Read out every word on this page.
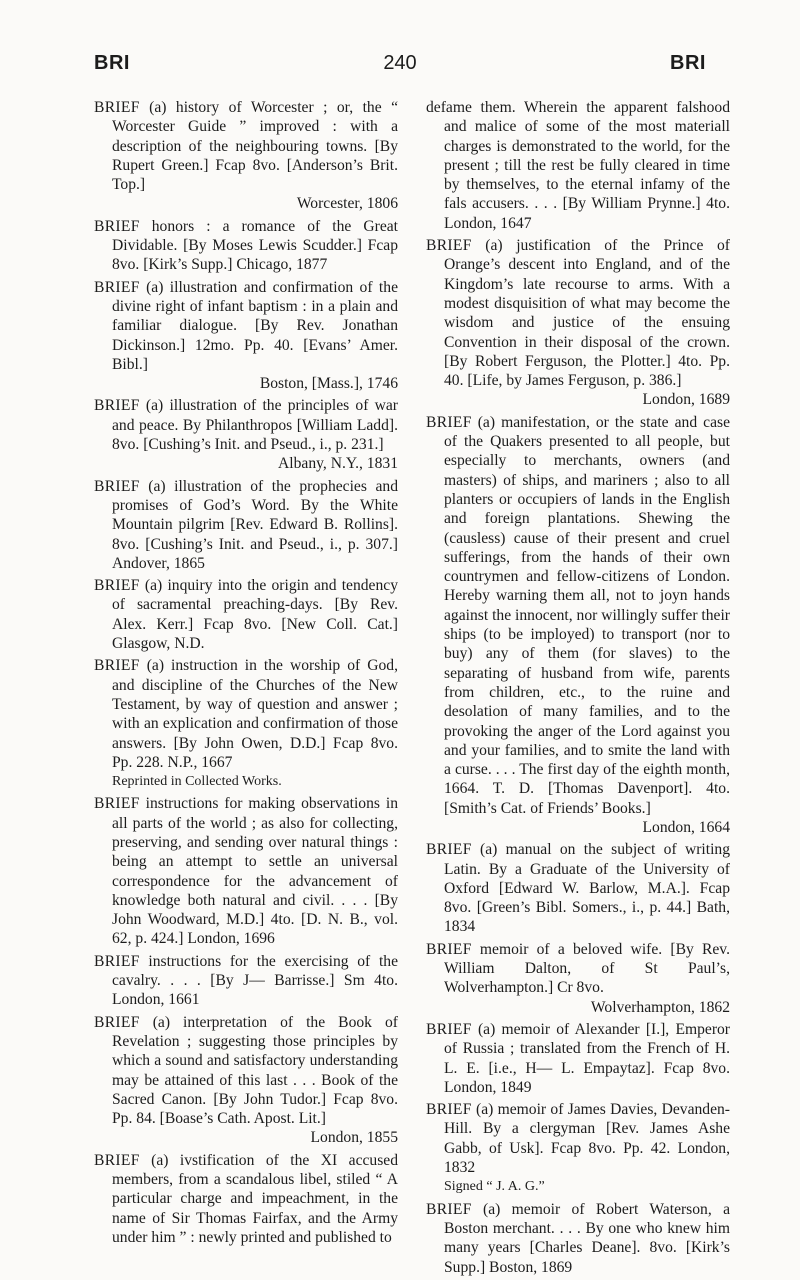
BRI	240	BRI
BRIEF (a) history of Worcester ; or, the “ Worcester Guide ” improved : with a description of the neighbouring towns. [By Rupert Green.] Fcap 8vo. [Anderson’s Brit. Top.]
Worcester, 1806
BRIEF honors : a romance of the Great Dividable. [By Moses Lewis Scudder.] Fcap 8vo. [Kirk’s Supp.] Chicago, 1877
BRIEF (a) illustration and confirmation of the divine right of infant baptism : in a plain and familiar dialogue. [By Rev. Jonathan Dickinson.] 12mo. Pp. 40. [Evans’ Amer. Bibl.]
Boston, [Mass.], 1746
BRIEF (a) illustration of the principles of war and peace. By Philanthropos [William Ladd]. 8vo. [Cushing’s Init. and Pseud., i., p. 231.]
Albany, N.Y., 1831
BRIEF (a) illustration of the prophecies and promises of God’s Word. By the White Mountain pilgrim [Rev. Edward B. Rollins]. 8vo. [Cushing’s Init. and Pseud., i., p. 307.] Andover, 1865
BRIEF (a) inquiry into the origin and tendency of sacramental preaching-days. [By Rev. Alex. Kerr.] Fcap 8vo. [New Coll. Cat.] Glasgow, N.D.
BRIEF (a) instruction in the worship of God, and discipline of the Churches of the New Testament, by way of question and answer ; with an explication and confirmation of those answers. [By John Owen, D.D.] Fcap 8vo. Pp. 228. N.P., 1667
Reprinted in Collected Works.
BRIEF instructions for making observations in all parts of the world ; as also for collecting, preserving, and sending over natural things : being an attempt to settle an universal correspondence for the advancement of knowledge both natural and civil. . . . [By John Woodward, M.D.] 4to. [D. N. B., vol. 62, p. 424.] London, 1696
BRIEF instructions for the exercising of the cavalry. . . . [By J— Barrisse.] Sm 4to. London, 1661
BRIEF (a) interpretation of the Book of Revelation ; suggesting those principles by which a sound and satisfactory understanding may be attained of this last . . . Book of the Sacred Canon. [By John Tudor.] Fcap 8vo. Pp. 84. [Boase’s Cath. Apost. Lit.]
London, 1855
BRIEF (a) ivstification of the XI accused members, from a scandalous libel, stiled “ A particular charge and impeachment, in the name of Sir Thomas Fairfax, and the Army under him ” : newly printed and published to
defame them. Wherein the apparent falshood and malice of some of the most materiall charges is demonstrated to the world, for the present ; till the rest be fully cleared in time by themselves, to the eternal infamy of the fals accusers. . . . [By William Prynne.] 4to. London, 1647
BRIEF (a) justification of the Prince of Orange’s descent into England, and of the Kingdom’s late recourse to arms. With a modest disquisition of what may become the wisdom and justice of the ensuing Convention in their disposal of the crown. [By Robert Ferguson, the Plotter.] 4to. Pp. 40. [Life, by James Ferguson, p. 386.]
London, 1689
BRIEF (a) manifestation, or the state and case of the Quakers presented to all people, but especially to merchants, owners (and masters) of ships, and mariners ; also to all planters or occupiers of lands in the English and foreign plantations. Shewing the (causless) cause of their present and cruel sufferings, from the hands of their own countrymen and fellow-citizens of London. Hereby warning them all, not to joyn hands against the innocent, nor willingly suffer their ships (to be imployed) to transport (nor to buy) any of them (for slaves) to the separating of husband from wife, parents from children, etc., to the ruine and desolation of many families, and to the provoking the anger of the Lord against you and your families, and to smite the land with a curse. . . . The first day of the eighth month, 1664. T. D. [Thomas Davenport]. 4to. [Smith’s Cat. of Friends’ Books.]
London, 1664
BRIEF (a) manual on the subject of writing Latin. By a Graduate of the University of Oxford [Edward W. Barlow, M.A.]. Fcap 8vo. [Green’s Bibl. Somers., i., p. 44.] Bath, 1834
BRIEF memoir of a beloved wife. [By Rev. William Dalton, of St Paul’s, Wolverhampton.] Cr 8vo.
Wolverhampton, 1862
BRIEF (a) memoir of Alexander [I.], Emperor of Russia ; translated from the French of H. L. E. [i.e., H— L. Empaytaz]. Fcap 8vo. London, 1849
BRIEF (a) memoir of James Davies, Devanden-Hill. By a clergyman [Rev. James Ashe Gabb, of Usk]. Fcap 8vo. Pp. 42. London, 1832
Signed “ J. A. G.”
BRIEF (a) memoir of Robert Waterson, a Boston merchant. . . . By one who knew him many years [Charles Deane]. 8vo. [Kirk’s Supp.] Boston, 1869
